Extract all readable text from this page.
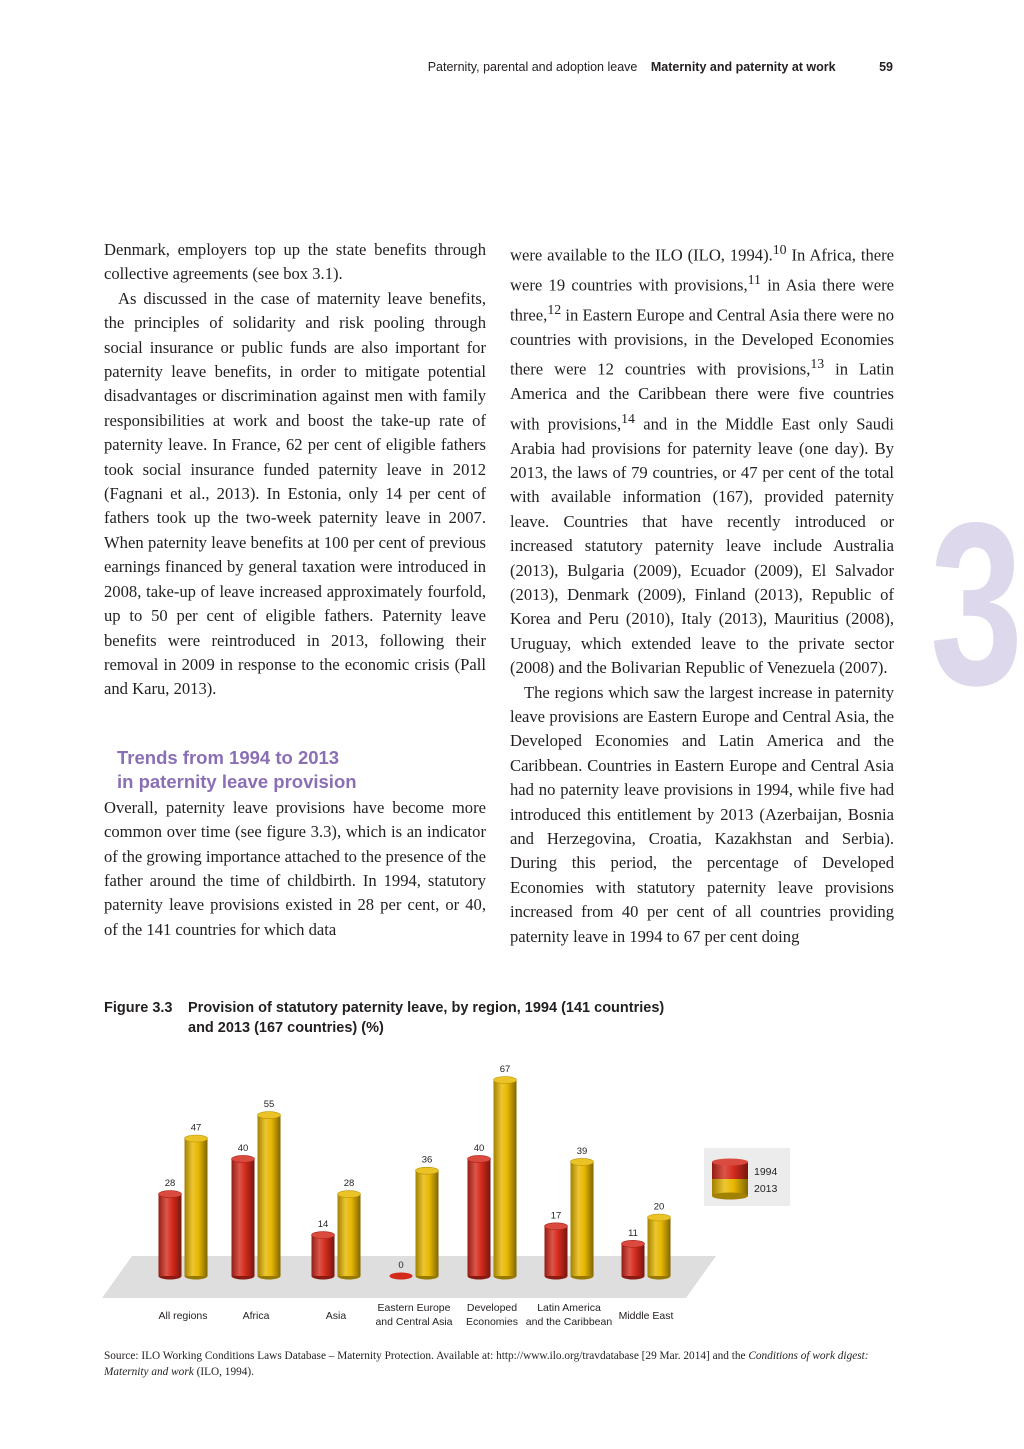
Paternity, parental and adoption leave Maternity and paternity at work	59
3

Denmark, employers top up the state benefits through collective agreements (see box 3.1).

As discussed in the case of maternity leave benefits, the principles of solidarity and risk pooling through social insurance or public funds are also important for paternity leave benefits, in order to mitigate potential disadvantages or discrimination against men with family responsibilities at work and boost the take-up rate of paternity leave. In France, 62 per cent of eligible fathers took social insurance funded paternity leave in 2012 (Fagnani et al., 2013). In Estonia, only 14 per cent of fathers took up the two-week paternity leave in 2007. When paternity leave benefits at 100 per cent of previous earnings financed by general taxation were introduced in 2008, take-up of leave increased approximately fourfold, up to 50 per cent of eligible fathers. Paternity leave benefits were reintroduced in 2013, following their removal in 2009 in response to the economic crisis (Pall and Karu, 2013).

Trends from 1994 to 2013
in paternity leave provision

Overall, paternity leave provisions have become more common over time (see figure 3.3), which is an indicator of the growing importance attached to the presence of the father around the time of childbirth. In 1994, statutory paternity leave provisions existed in 28 per cent, or 40, of the 141 countries for which data

were available to the ILO (ILO, 1994).$^{10}$ In Africa, there were 19 countries with provisions,$^{11}$ in Asia there were three,$^{12}$ in Eastern Europe and Central Asia there were no countries with provisions, in the Developed Economies there were 12 countries with provisions,$^{13}$ in Latin America and the Caribbean there were five countries with provisions,$^{14}$ and in the Middle East only Saudi Arabia had provisions for paternity leave (one day). By 2013, the laws of 79 countries, or 47 per cent of the total with available information (167), provided paternity leave. Countries that have recently introduced or increased statutory paternity leave include Australia (2013), Bulgaria (2009), Ecuador (2009), El Salvador (2013), Denmark (2009), Finland (2013), Republic of Korea and Peru (2010), Italy (2013), Mauritius (2008), Uruguay, which extended leave to the private sector (2008) and the Bolivarian Republic of Venezuela (2007).

The regions which saw the largest increase in paternity leave provisions are Eastern Europe and Central Asia, the Developed Economies and Latin America and the Caribbean. Countries in Eastern Europe and Central Asia had no paternity leave provisions in 1994, while five had introduced this entitlement by 2013 (Azerbaijan, Bosnia and Herzegovina, Croatia, Kazakhstan and Serbia). During this period, the percentage of Developed Economies with statutory paternity leave provisions increased from 40 per cent of all countries providing paternity leave in 1994 to 67 per cent doing

Figure 3.3 Provision of statutory paternity leave, by region, 1994 (141 countries)
and 2013 (167 countries) (%)
28
47
All regions
40
55
Africa
14
28
Asia
0
36
Eastern Europe
and Central Asia
40
67
Developed
Economies
17
39
Latin America
and the Caribbean
11
20
Middle East
1994
2013
Source: ILO Working Conditions Laws Database – Maternity Protection. Available at: http://www.ilo.org/travdatabase [29 Mar. 2014] and the Conditions of work digest: Maternity and work (ILO, 1994).
